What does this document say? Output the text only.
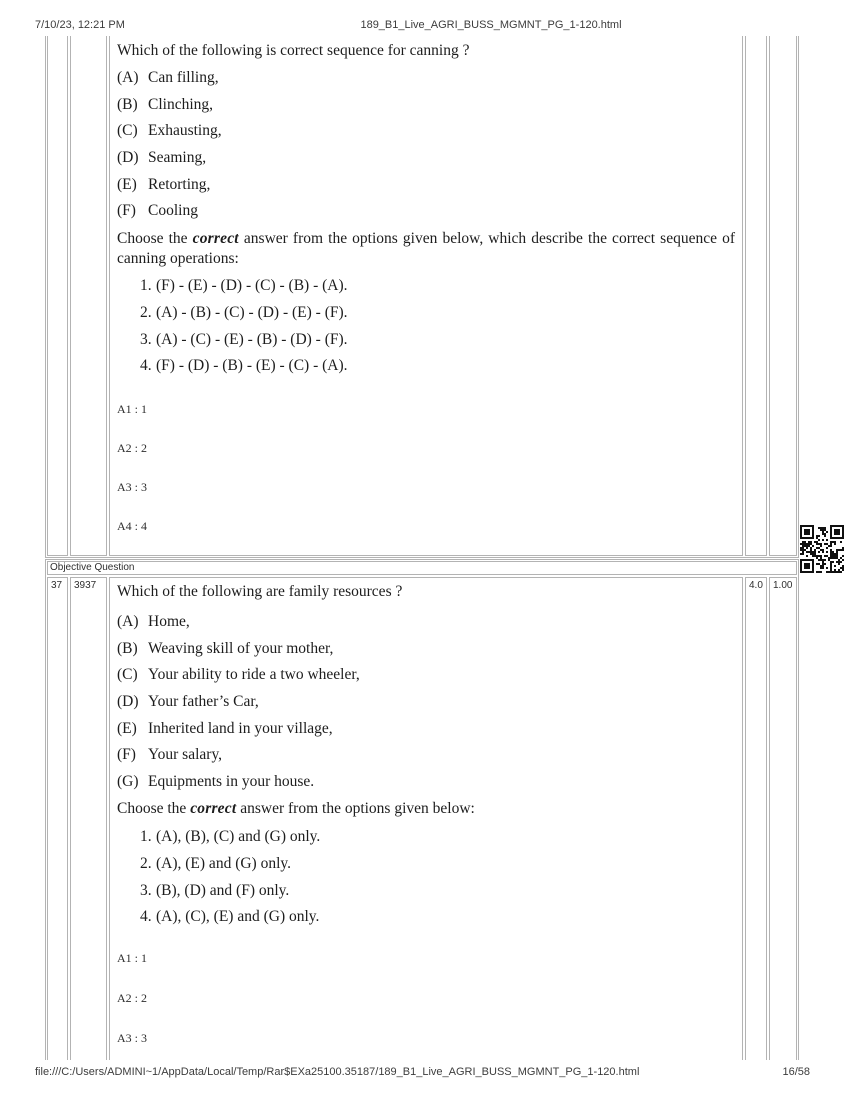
7/10/23, 12:21 PM	189_B1_Live_AGRI_BUSS_MGMNT_PG_1-120.html

Which of the following is correct sequence for canning ?

(A) Can filling,
(B) Clinching,
(C) Exhausting,
(D) Seaming,
(E) Retorting,
(F) Cooling

Choose the correct answer from the options given below, which describe the correct sequence of canning operations:

1. (F) - (E) - (D) - (C) - (B) - (A).
2. (A) - (B) - (C) - (D) - (E) - (F).
3. (A) - (C) - (E) - (B) - (D) - (F).
4. (F) - (D) - (B) - (E) - (C) - (A).
A1 : 1
A2 : 2
A3 : 3
A4 : 4
Objective Question
37	3937	Which of the following are family resources ?

(A) Home,
(B) Weaving skill of your mother,
(C) Your ability to ride a two wheeler,
(D) Your father’s Car,
(E) Inherited land in your village,
(F) Your salary,
(G) Equipments in your house.

Choose the correct answer from the options given below:

1. (A), (B), (C) and (G) only.
2. (A), (E) and (G) only.
3. (B), (D) and (F) only.
4. (A), (C), (E) and (G) only.
A1 : 1
A2 : 2
A3 : 3
4.0	1.00
file:///C:/Users/ADMINI~1/AppData/Local/Temp/Rar$EXa25100.35187/189_B1_Live_AGRI_BUSS_MGMNT_PG_1-120.html	16/58
